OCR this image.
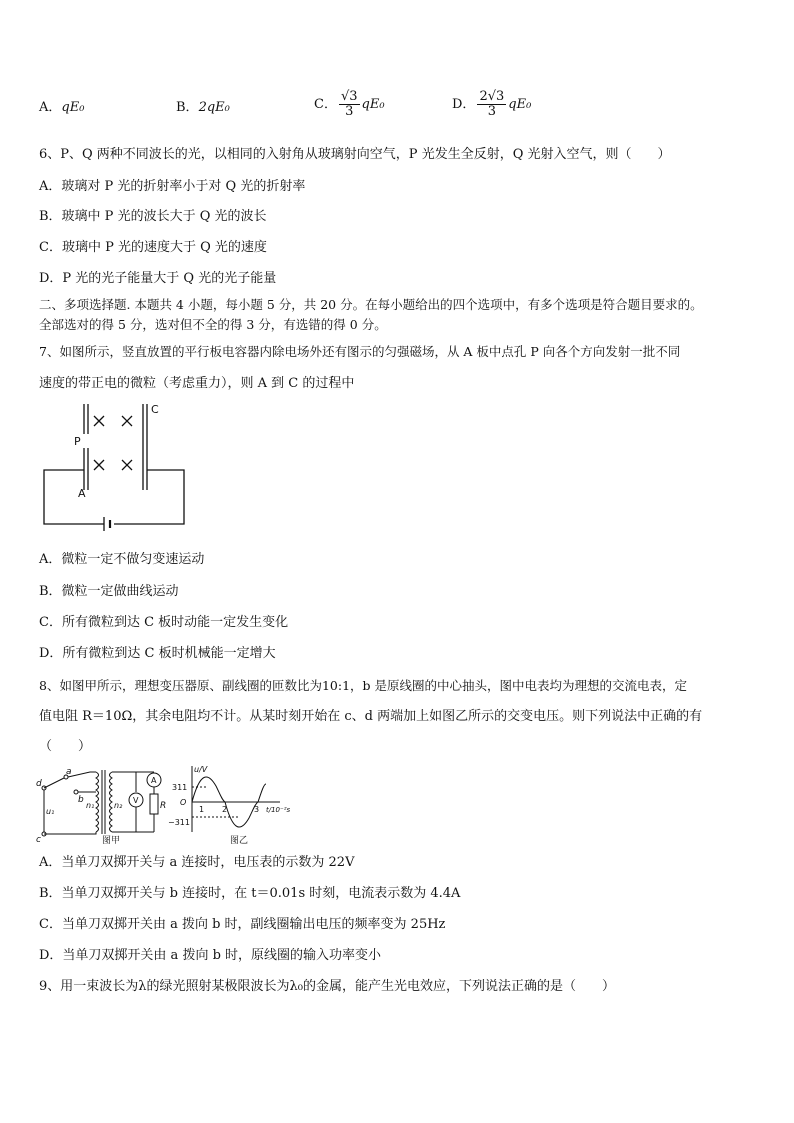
A．qE₀	B．2qE₀	C． $\frac{√3}{3} qE_0$	D． $\frac{2√3}{3} qE_0$
6、P、Q 两种不同波长的光，以相同的入射角从玻璃射向空气，P 光发生全反射，Q 光射入空气，则（　　）
A．玻璃对 P 光的折射率小于对 Q 光的折射率
B．玻璃中 P 光的波长大于 Q 光的波长
C．玻璃中 P 光的速度大于 Q 光的速度
D．P 光的光子能量大于 Q 光的光子能量
二、多项选择题. 本题共 4 小题，每小题 5 分，共 20 分。在每小题给出的四个选项中，有多个选项是符合题目要求的。
全部选对的得 5 分，选对但不全的得 3 分，有选错的得 0 分。
7、如图所示，竖直放置的平行板电容器内除电场外还有图示的匀强磁场，从 A 板中点孔 P 向各个方向发射一批不同
速度的带正电的微粒（考虑重力），则 A 到 C 的过程中
P
A
C
A．微粒一定不做匀变速运动
B．微粒一定做曲线运动
C．所有微粒到达 C 板时动能一定发生变化
D．所有微粒到达 C 板时机械能一定增大
8、如图甲所示，理想变压器原、副线圈的匝数比为10:1，b 是原线圈的中心抽头，图中电表均为理想的交流电表，定
值电阻 R＝10Ω，其余电阻均不计。从某时刻开始在 c、d 两端加上如图乙所示的交变电压。则下列说法中正确的有
（　　）
d
c
a
b
u₁
n₁ n₂
A
V
R
图甲
u/V
311
O
−311
1 2	3 t/10⁻²s
图乙
A．当单刀双掷开关与 a 连接时，电压表的示数为 22V
B．当单刀双掷开关与 b 连接时，在 t＝0.01s 时刻，电流表示数为 4.4A
C．当单刀双掷开关由 a 拨向 b 时，副线圈输出电压的频率变为 25Hz
D．当单刀双掷开关由 a 拨向 b 时，原线圈的输入功率变小
9、用一束波长为λ的绿光照射某极限波长为λ₀的金属，能产生光电效应，下列说法正确的是（　　）
